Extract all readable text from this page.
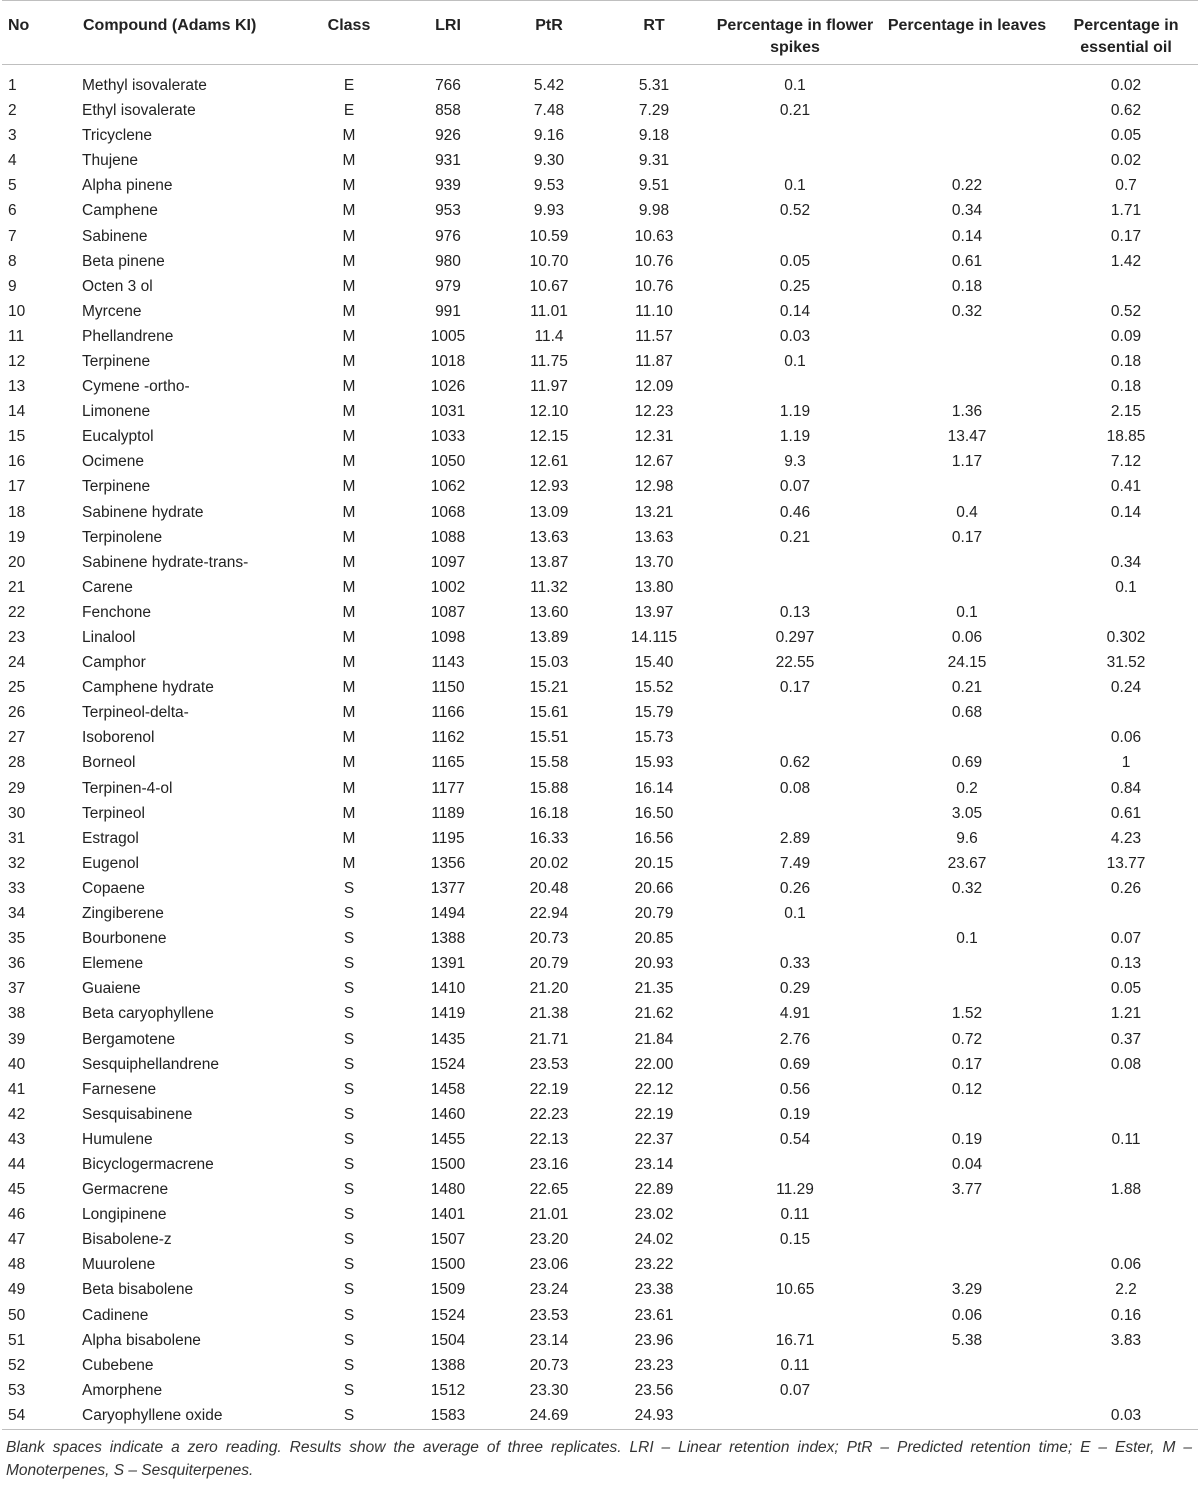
No	Compound (Adams KI)	Class	LRI	PtR	RT	Percentage in flower spikes	Percentage in leaves	Percentage in essential oil
1	Methyl isovalerate	E	766	5.42	5.31	0.1		0.02
2	Ethyl isovalerate	E	858	7.48	7.29	0.21		0.62
3	Tricyclene	M	926	9.16	9.18			0.05
4	Thujene	M	931	9.30	9.31			0.02
5	Alpha pinene	M	939	9.53	9.51	0.1	0.22	0.7
6	Camphene	M	953	9.93	9.98	0.52	0.34	1.71
7	Sabinene	M	976	10.59	10.63		0.14	0.17
8	Beta pinene	M	980	10.70	10.76	0.05	0.61	1.42
9	Octen 3 ol	M	979	10.67	10.76	0.25	0.18	
10	Myrcene	M	991	11.01	11.10	0.14	0.32	0.52
11	Phellandrene	M	1005	11.4	11.57	0.03		0.09
12	Terpinene	M	1018	11.75	11.87	0.1		0.18
13	Cymene -ortho-	M	1026	11.97	12.09			0.18
14	Limonene	M	1031	12.10	12.23	1.19	1.36	2.15
15	Eucalyptol	M	1033	12.15	12.31	1.19	13.47	18.85
16	Ocimene	M	1050	12.61	12.67	9.3	1.17	7.12
17	Terpinene	M	1062	12.93	12.98	0.07		0.41
18	Sabinene hydrate	M	1068	13.09	13.21	0.46	0.4	0.14
19	Terpinolene	M	1088	13.63	13.63	0.21	0.17	
20	Sabinene hydrate-trans-	M	1097	13.87	13.70			0.34
21	Carene	M	1002	11.32	13.80			0.1
22	Fenchone	M	1087	13.60	13.97	0.13	0.1	
23	Linalool	M	1098	13.89	14.115	0.297	0.06	0.302
24	Camphor	M	1143	15.03	15.40	22.55	24.15	31.52
25	Camphene hydrate	M	1150	15.21	15.52	0.17	0.21	0.24
26	Terpineol-delta-	M	1166	15.61	15.79		0.68	
27	Isoborenol	M	1162	15.51	15.73			0.06
28	Borneol	M	1165	15.58	15.93	0.62	0.69	1
29	Terpinen-4-ol	M	1177	15.88	16.14	0.08	0.2	0.84
30	Terpineol	M	1189	16.18	16.50		3.05	0.61
31	Estragol	M	1195	16.33	16.56	2.89	9.6	4.23
32	Eugenol	M	1356	20.02	20.15	7.49	23.67	13.77
33	Copaene	S	1377	20.48	20.66	0.26	0.32	0.26
34	Zingiberene	S	1494	22.94	20.79	0.1		
35	Bourbonene	S	1388	20.73	20.85		0.1	0.07
36	Elemene	S	1391	20.79	20.93	0.33		0.13
37	Guaiene	S	1410	21.20	21.35	0.29		0.05
38	Beta caryophyllene	S	1419	21.38	21.62	4.91	1.52	1.21
39	Bergamotene	S	1435	21.71	21.84	2.76	0.72	0.37
40	Sesquiphellandrene	S	1524	23.53	22.00	0.69	0.17	0.08
41	Farnesene	S	1458	22.19	22.12	0.56	0.12	
42	Sesquisabinene	S	1460	22.23	22.19	0.19		
43	Humulene	S	1455	22.13	22.37	0.54	0.19	0.11
44	Bicyclogermacrene	S	1500	23.16	23.14		0.04	
45	Germacrene	S	1480	22.65	22.89	11.29	3.77	1.88
46	Longipinene	S	1401	21.01	23.02	0.11		
47	Bisabolene-z	S	1507	23.20	24.02	0.15		
48	Muurolene	S	1500	23.06	23.22			0.06
49	Beta bisabolene	S	1509	23.24	23.38	10.65	3.29	2.2
50	Cadinene	S	1524	23.53	23.61		0.06	0.16
51	Alpha bisabolene	S	1504	23.14	23.96	16.71	5.38	3.83
52	Cubebene	S	1388	20.73	23.23	0.11		
53	Amorphene	S	1512	23.30	23.56	0.07		
54	Caryophyllene oxide	S	1583	24.69	24.93			0.03
Blank spaces indicate a zero reading. Results show the average of three replicates. LRI – Linear retention index; PtR – Predicted retention time; E – Ester, M – Monoterpenes, S – Sesquiterpenes.
